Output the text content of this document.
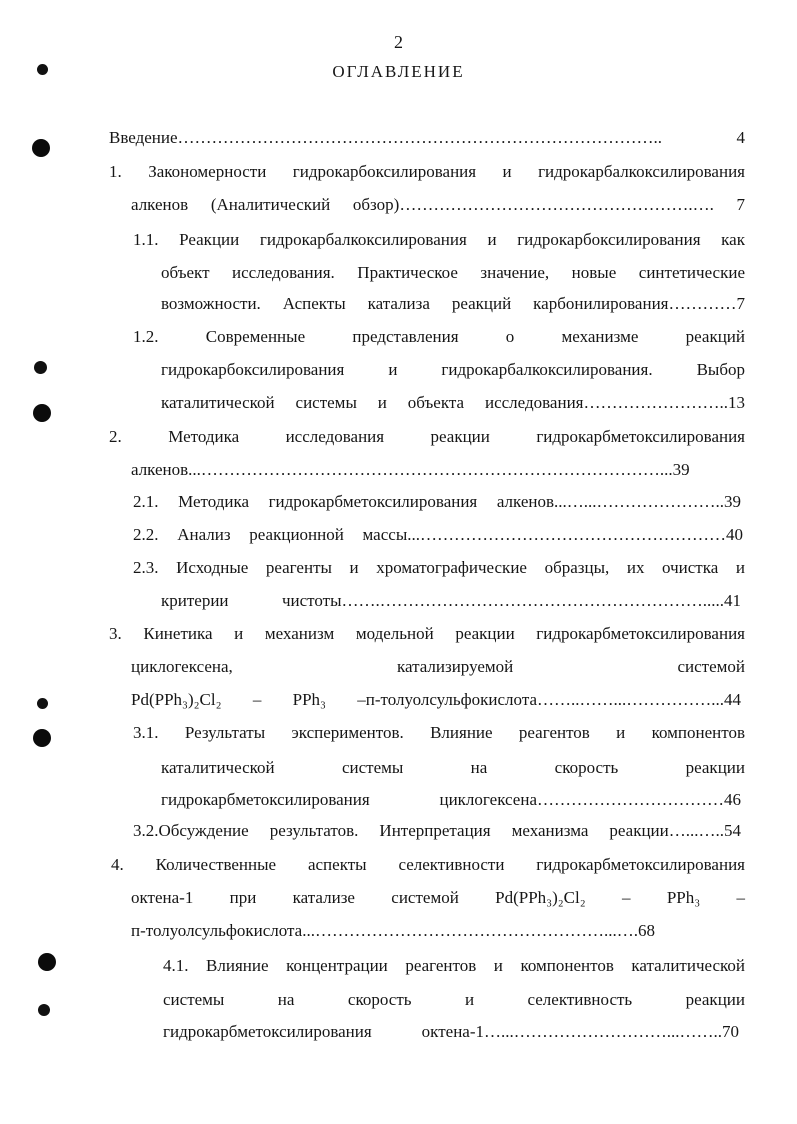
2
ОГЛАВЛЕНИЕ
Введение………………………………………………………………………….. 4
1. Закономерности гидрокарбоксилирования и гидрокарбалкоксилирования
алкенов (Аналитический обзор)…………………………………………….…. 7
1.1. Реакции гидрокарбалкоксилирования и гидрокарбоксилирования как
объект исследования. Практическое значение, новые синтетические
возможности. Аспекты катализа реакций карбонилирования…………7
1.2. Современные представления о механизме реакций
гидрокарбоксилирования и гидрокарбалкоксилирования. Выбор
каталитической системы и объекта исследования……………………..13
2. Методика исследования реакции гидрокарбметоксилирования
алкенов...………………………………………………………………………...39
2.1. Методика гидрокарбметоксилирования алкенов...…...…………………..39
2.2. Анализ реакционной массы...………………………………………………40
2.3. Исходные реагенты и хроматографические образцы, их очистка и
критерии чистоты…….………………………………………………….....41
3. Кинетика и механизм модельной реакции гидрокарбметоксилирования
циклогексена, катализируемой системой
Pd(PPh₃)₂Cl₂ – PPh₃ –п-толуолсульфокислота……..……...……………...44
3.1. Результаты экспериментов. Влияние реагентов и компонентов
каталитической системы на скорость реакции
гидрокарбметоксилирования циклогексена……………………………46
3.2.Обсуждение результатов. Интерпретация механизма реакции…...…..54
4. Количественные аспекты селективности гидрокарбметоксилирования
октена-1 при катализе системой Pd(PPh₃)₂Cl₂ – PPh₃ –
п-толуолсульфокислота...……………………………………………...….68
4.1. Влияние концентрации реагентов и компонентов каталитической
системы на скорость и селективность реакции
гидрокарбметоксилирования октена-1…...………………………...……..70
